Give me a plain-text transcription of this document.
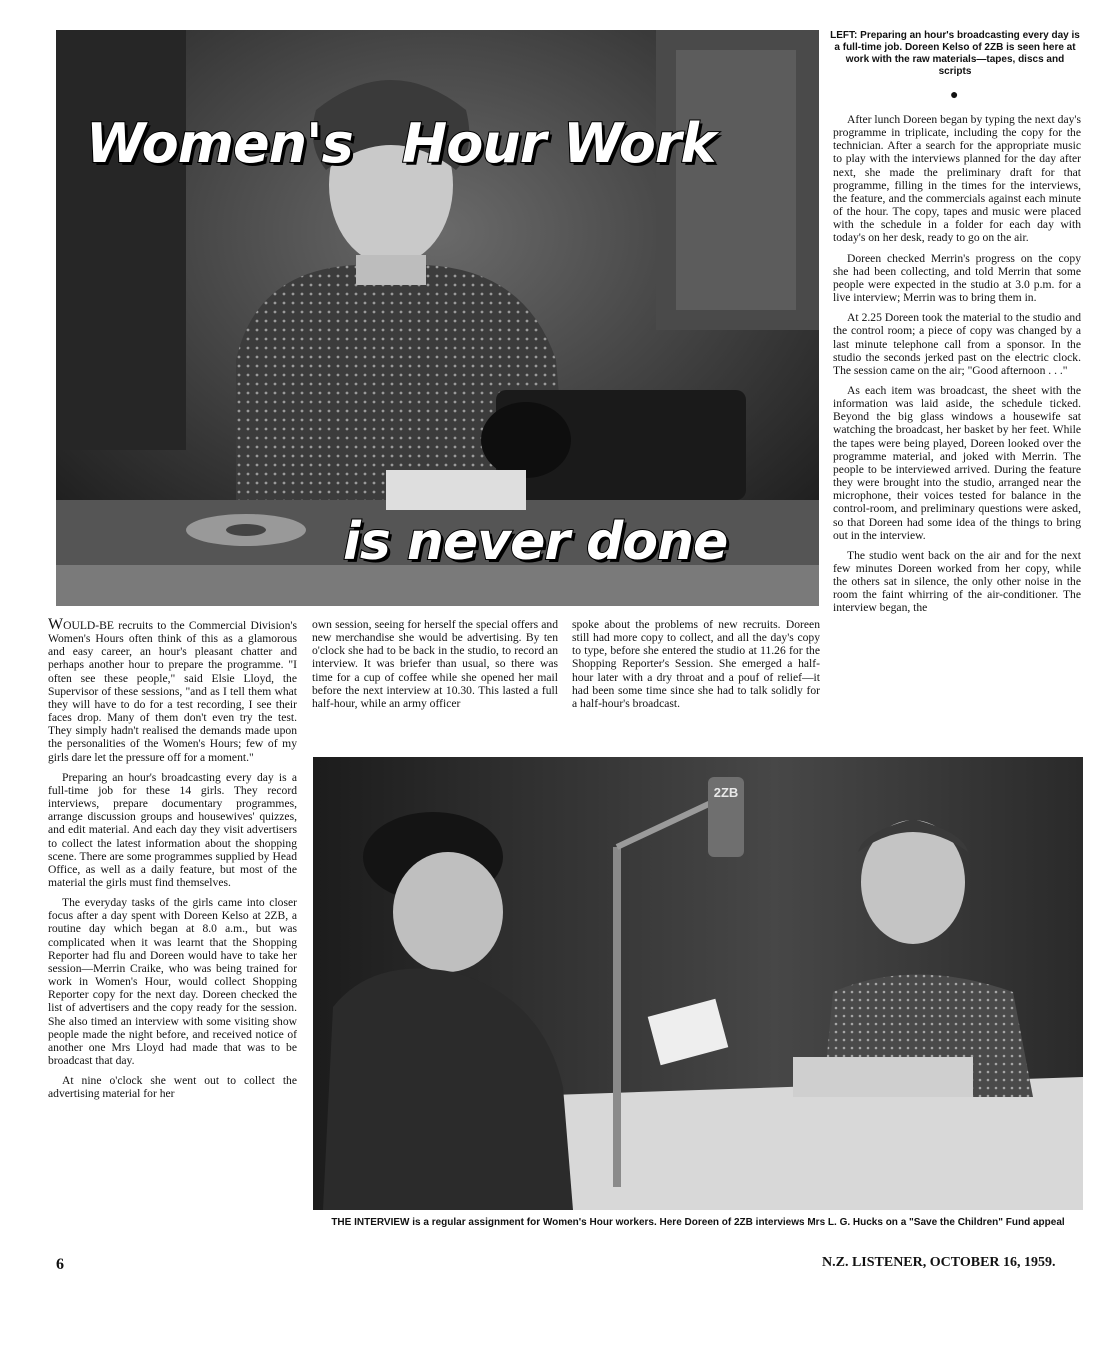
Women's Hour Work
is never done
LEFT: Preparing an hour's broadcasting every day is a full-time job. Doreen Kelso of 2ZB is seen here at work with the raw materials—tapes, discs and scripts
●

After lunch Doreen began by typing the next day's programme in triplicate, including the copy for the technician. After a search for the appropriate music to play with the interviews planned for the day after next, she made the preliminary draft for that programme, filling in the times for the interviews, the feature, and the commercials against each minute of the hour. The copy, tapes and music were placed with the schedule in a folder for each day with today's on her desk, ready to go on the air.

Doreen checked Merrin's progress on the copy she had been collecting, and told Merrin that some people were expected in the studio at 3.0 p.m. for a live interview; Merrin was to bring them in.

At 2.25 Doreen took the material to the studio and the control room; a piece of copy was changed by a last minute telephone call from a sponsor. In the studio the seconds jerked past on the electric clock. The session came on the air; "Good afternoon . . ."

As each item was broadcast, the sheet with the information was laid aside, the schedule ticked. Beyond the big glass windows a housewife sat watching the broadcast, her basket by her feet. While the tapes were being played, Doreen looked over the programme material, and joked with Merrin. The people to be interviewed arrived. During the feature they were brought into the studio, arranged near the microphone, their voices tested for balance in the control-room, and preliminary questions were asked, so that Doreen had some idea of the things to bring out in the interview.

The studio went back on the air and for the next few minutes Doreen worked from her copy, while the others sat in silence, the only other noise in the room the faint whirring of the air-conditioner. The interview began, the

WOULD-BE recruits to the Commercial Division's Women's Hours often think of this as a glamorous and easy career, an hour's pleasant chatter and perhaps another hour to prepare the programme. "I often see these people," said Elsie Lloyd, the Supervisor of these sessions, "and as I tell them what they will have to do for a test recording, I see their faces drop. Many of them don't even try the test. They simply hadn't realised the demands made upon the personalities of the Women's Hours; few of my girls dare let the pressure off for a moment."

Preparing an hour's broadcasting every day is a full-time job for these 14 girls. They record interviews, prepare documentary programmes, arrange discussion groups and housewives' quizzes, and edit material. And each day they visit advertisers to collect the latest information about the shopping scene. There are some programmes supplied by Head Office, as well as a daily feature, but most of the material the girls must find themselves.

The everyday tasks of the girls came into closer focus after a day spent with Doreen Kelso at 2ZB, a routine day which began at 8.0 a.m., but was complicated when it was learnt that the Shopping Reporter had flu and Doreen would have to take her session—Merrin Craike, who was being trained for work in Women's Hour, would collect Shopping Reporter copy for the next day. Doreen checked the list of advertisers and the copy ready for the session. She also timed an interview with some visiting show people made the night before, and received notice of another one Mrs Lloyd had made that was to be broadcast that day.

At nine o'clock she went out to collect the advertising material for her

own session, seeing for herself the special offers and new merchandise she would be advertising. By ten o'clock she had to be back in the studio, to record an interview. It was briefer than usual, so there was time for a cup of coffee while she opened her mail before the next interview at 10.30. This lasted a full half-hour, while an army officer

spoke about the problems of new recruits. Doreen still had more copy to collect, and all the day's copy to type, before she entered the studio at 11.26 for the Shopping Reporter's Session. She emerged a half-hour later with a dry throat and a pouf of relief—it had been some time since she had to talk solidly for a half-hour's broadcast.

2ZB
THE INTERVIEW is a regular assignment for Women's Hour workers. Here Doreen of 2ZB interviews Mrs L. G. Hucks on a "Save the Children" Fund appeal
6	N.Z. LISTENER, OCTOBER 16, 1959.
